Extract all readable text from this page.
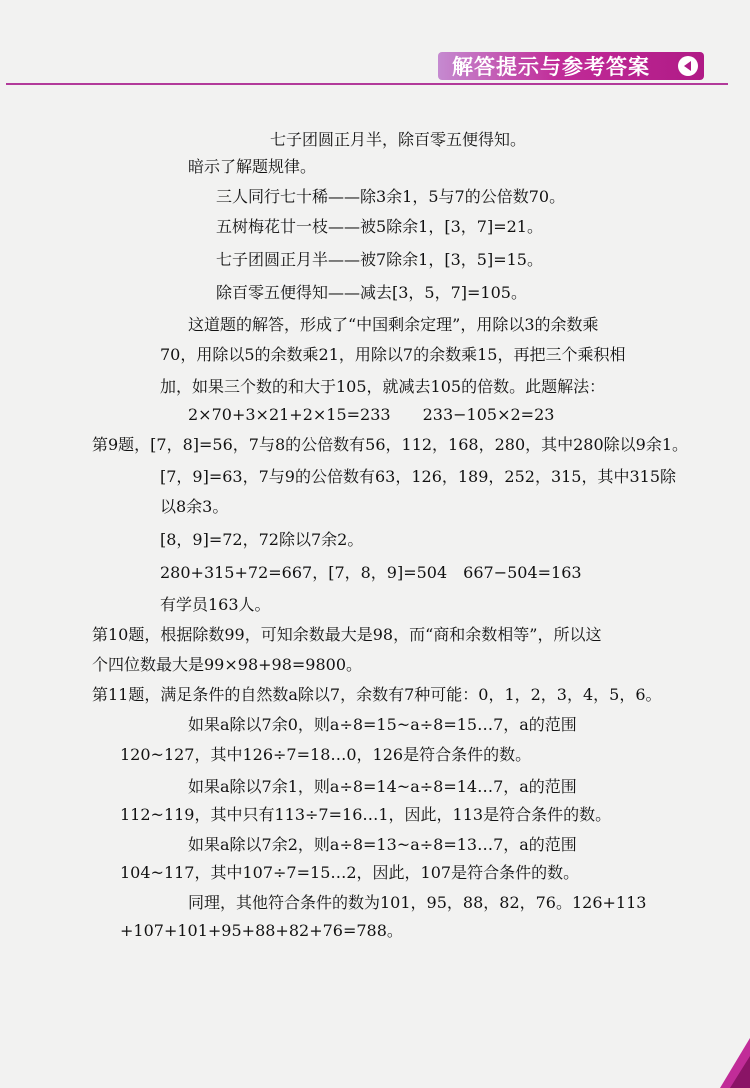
解答提示与参考答案
七子团圆正月半，除百零五便得知。
暗示了解题规律。
三人同行七十稀——除3余1，5与7的公倍数70。
五树梅花廿一枝——被5除余1，[3，7]=21。
七子团圆正月半——被7除余1，[3，5]=15。
除百零五便得知——减去[3，5，7]=105。
这道题的解答，形成了“中国剩余定理”，用除以3的余数乘
70，用除以5的余数乘21，用除以7的余数乘15，再把三个乘积相
加，如果三个数的和大于105，就减去105的倍数。此题解法：
2×70+3×21+2×15=233　　233−105×2=23
第9题，[7，8]=56，7与8的公倍数有56，112，168，280，其中280除以9余1。
[7，9]=63，7与9的公倍数有63，126，189，252，315，其中315除
以8余3。
[8，9]=72，72除以7余2。
280+315+72=667，[7，8，9]=504　667−504=163
有学员163人。
第10题，根据除数99，可知余数最大是98，而“商和余数相等”，所以这
个四位数最大是99×98+98=9800。
第11题，满足条件的自然数a除以7，余数有7种可能：0，1，2，3，4，5，6。
如果a除以7余0，则a÷8=15~a÷8=15…7，a的范围
120~127，其中126÷7=18…0，126是符合条件的数。
如果a除以7余1，则a÷8=14~a÷8=14…7，a的范围
112~119，其中只有113÷7=16…1，因此，113是符合条件的数。
如果a除以7余2，则a÷8=13~a÷8=13…7，a的范围
104~117，其中107÷7=15…2，因此，107是符合条件的数。
同理，其他符合条件的数为101，95，88，82，76。126+113
+107+101+95+88+82+76=788。
